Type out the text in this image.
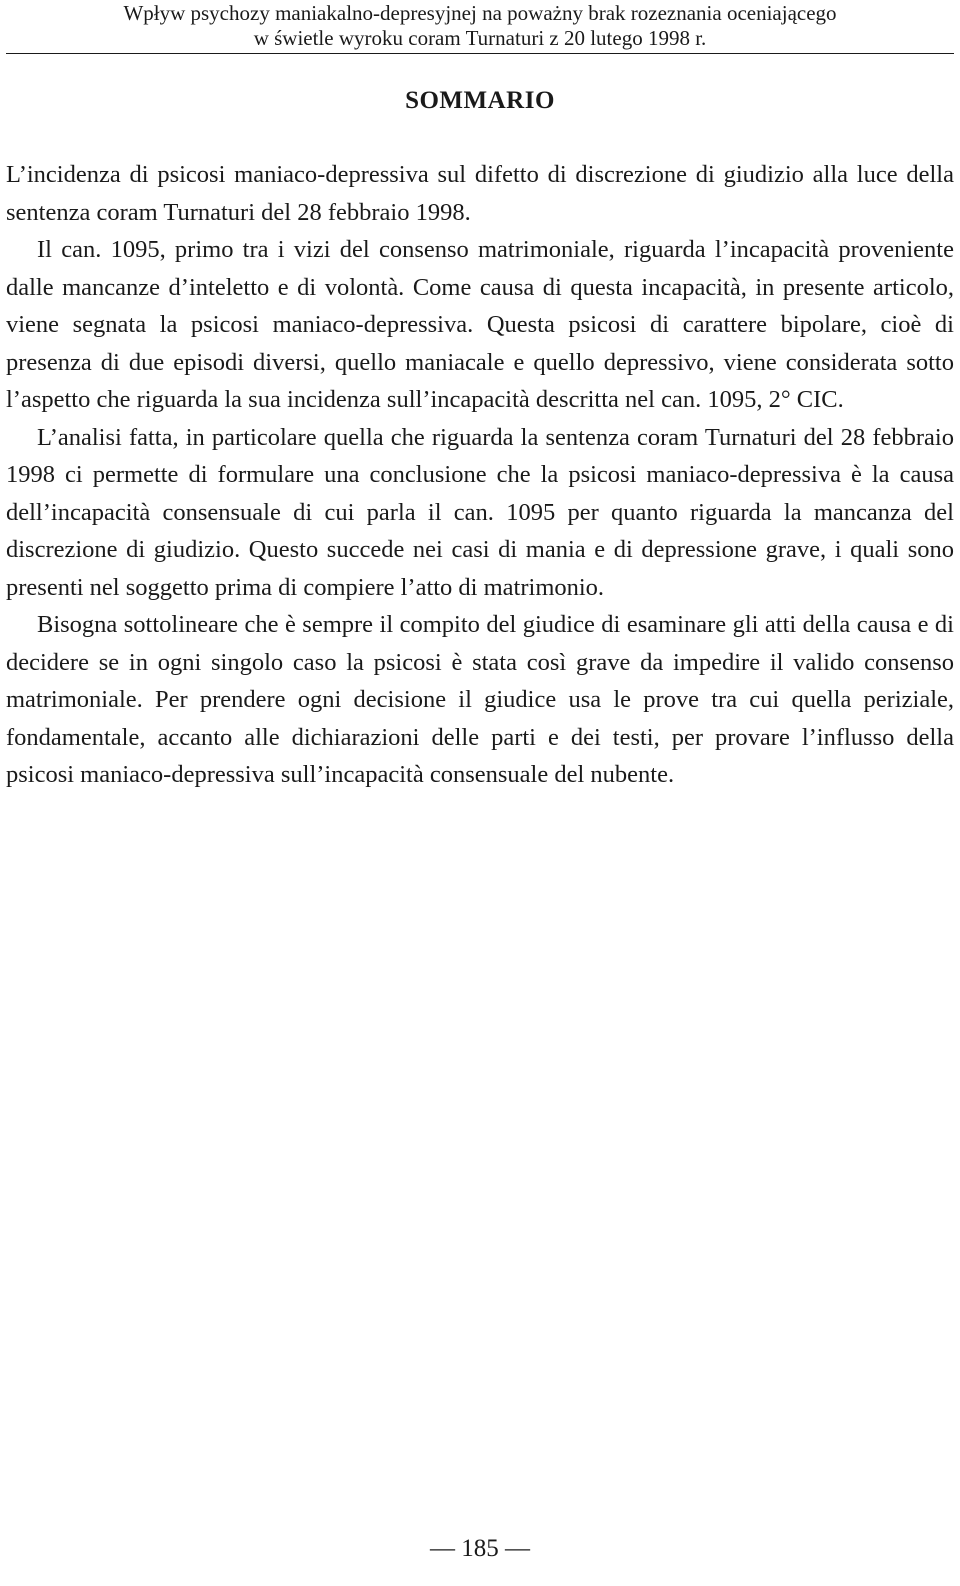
Wpływ psychozy maniakalno-depresyjnej na poważny brak rozeznania oceniającego
w świetle wyroku coram Turnaturi z 20 lutego 1998 r.
SOMMARIO

L’incidenza di psicosi maniaco-depressiva sul difetto di discrezione di giudizio alla luce della sentenza coram Turnaturi del 28 febbraio 1998.

Il can. 1095, primo tra i vizi del consenso matrimoniale, riguarda l’incapacità proveniente dalle mancanze d’inteletto e di volontà. Come causa di questa incapacità, in presente articolo, viene segnata la psicosi maniaco-depressiva. Questa psicosi di carattere bipolare, cioè di presenza di due episodi diversi, quello maniacale e quello depressivo, viene considerata sotto l’aspetto che riguarda la sua incidenza sull’incapacità descritta nel can. 1095, 2° CIC.

L’analisi fatta, in particolare quella che riguarda la sentenza coram Turnaturi del 28 febbraio 1998 ci permette di formulare una conclusione che la psicosi maniaco-depressiva è la causa dell’incapacità consensuale di cui parla il can. 1095 per quanto riguarda la mancanza del discrezione di giudizio. Questo succede nei casi di mania e di depressione grave, i quali sono presenti nel soggetto prima di compiere l’atto di matrimonio.

Bisogna sottolineare che è sempre il compito del giudice di esaminare gli atti della causa e di decidere se in ogni singolo caso la psicosi è stata così grave da impedire il valido consenso matrimoniale. Per prendere ogni decisione il giudice usa le prove tra cui quella periziale, fondamentale, accanto alle dichiarazioni delle parti e dei testi, per provare l’influsso della psicosi maniaco-depressiva sull’incapacità consensuale del nubente.

— 185 —
